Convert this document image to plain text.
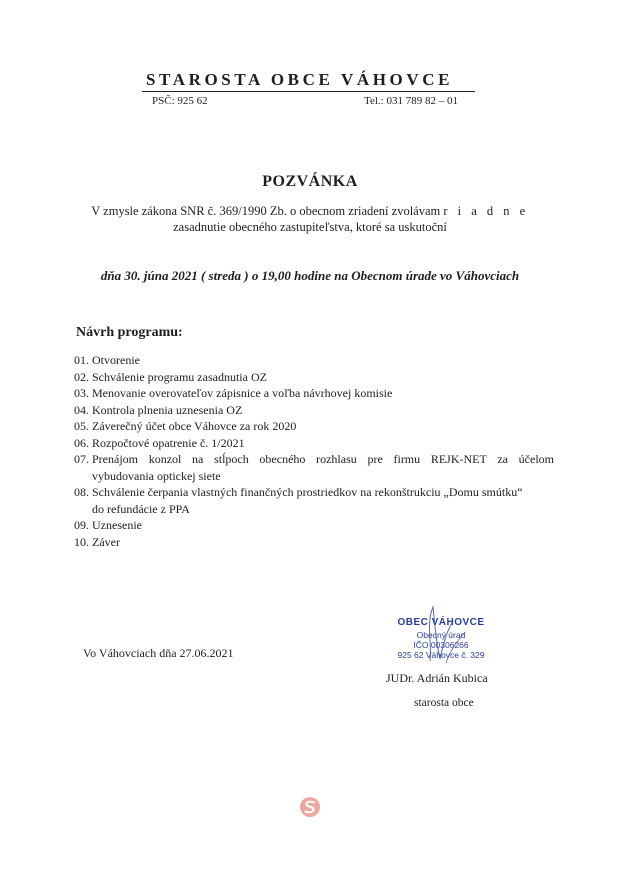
STAROSTA OBCE VÁHOVCE
PSČ: 925 62	Tel.: 031 789 82 – 01
POZVÁNKA
V zmysle zákona SNR č. 369/1990 Zb. o obecnom zriadení zvolávam r i a d n e
zasadnutie obecného zastupiteľstva, ktoré sa uskutoční
dňa 30. júna 2021 ( streda ) o 19,00 hodine na Obecnom úrade vo Váhovciach
Návrh programu:
01. Otvorenie
02. Schválenie programu zasadnutia OZ
03. Menovanie overovateľov zápisnice a voľba návrhovej komisie
04. Kontrola plnenia uznesenia OZ
05. Záverečný účet obce Váhovce za rok 2020
06. Rozpočtové opatrenie č. 1/2021
07. Prenájom konzol na stĺpoch obecného rozhlasu pre firmu REJK-NET za účelom
vybudovania optickej siete
08. Schválenie čerpania vlastných finančných prostriedkov na rekonštrukciu „Domu smútku“
do refundácie z PPA
09. Uznesenie
10. Záver
Vo Váhovciach dňa 27.06.2021
OBEC VÁHOVCE
Obecný úrad
IČO 00306266
925 62 Váhovce č. 329
JUDr. Adrián Kubica
starosta obce
